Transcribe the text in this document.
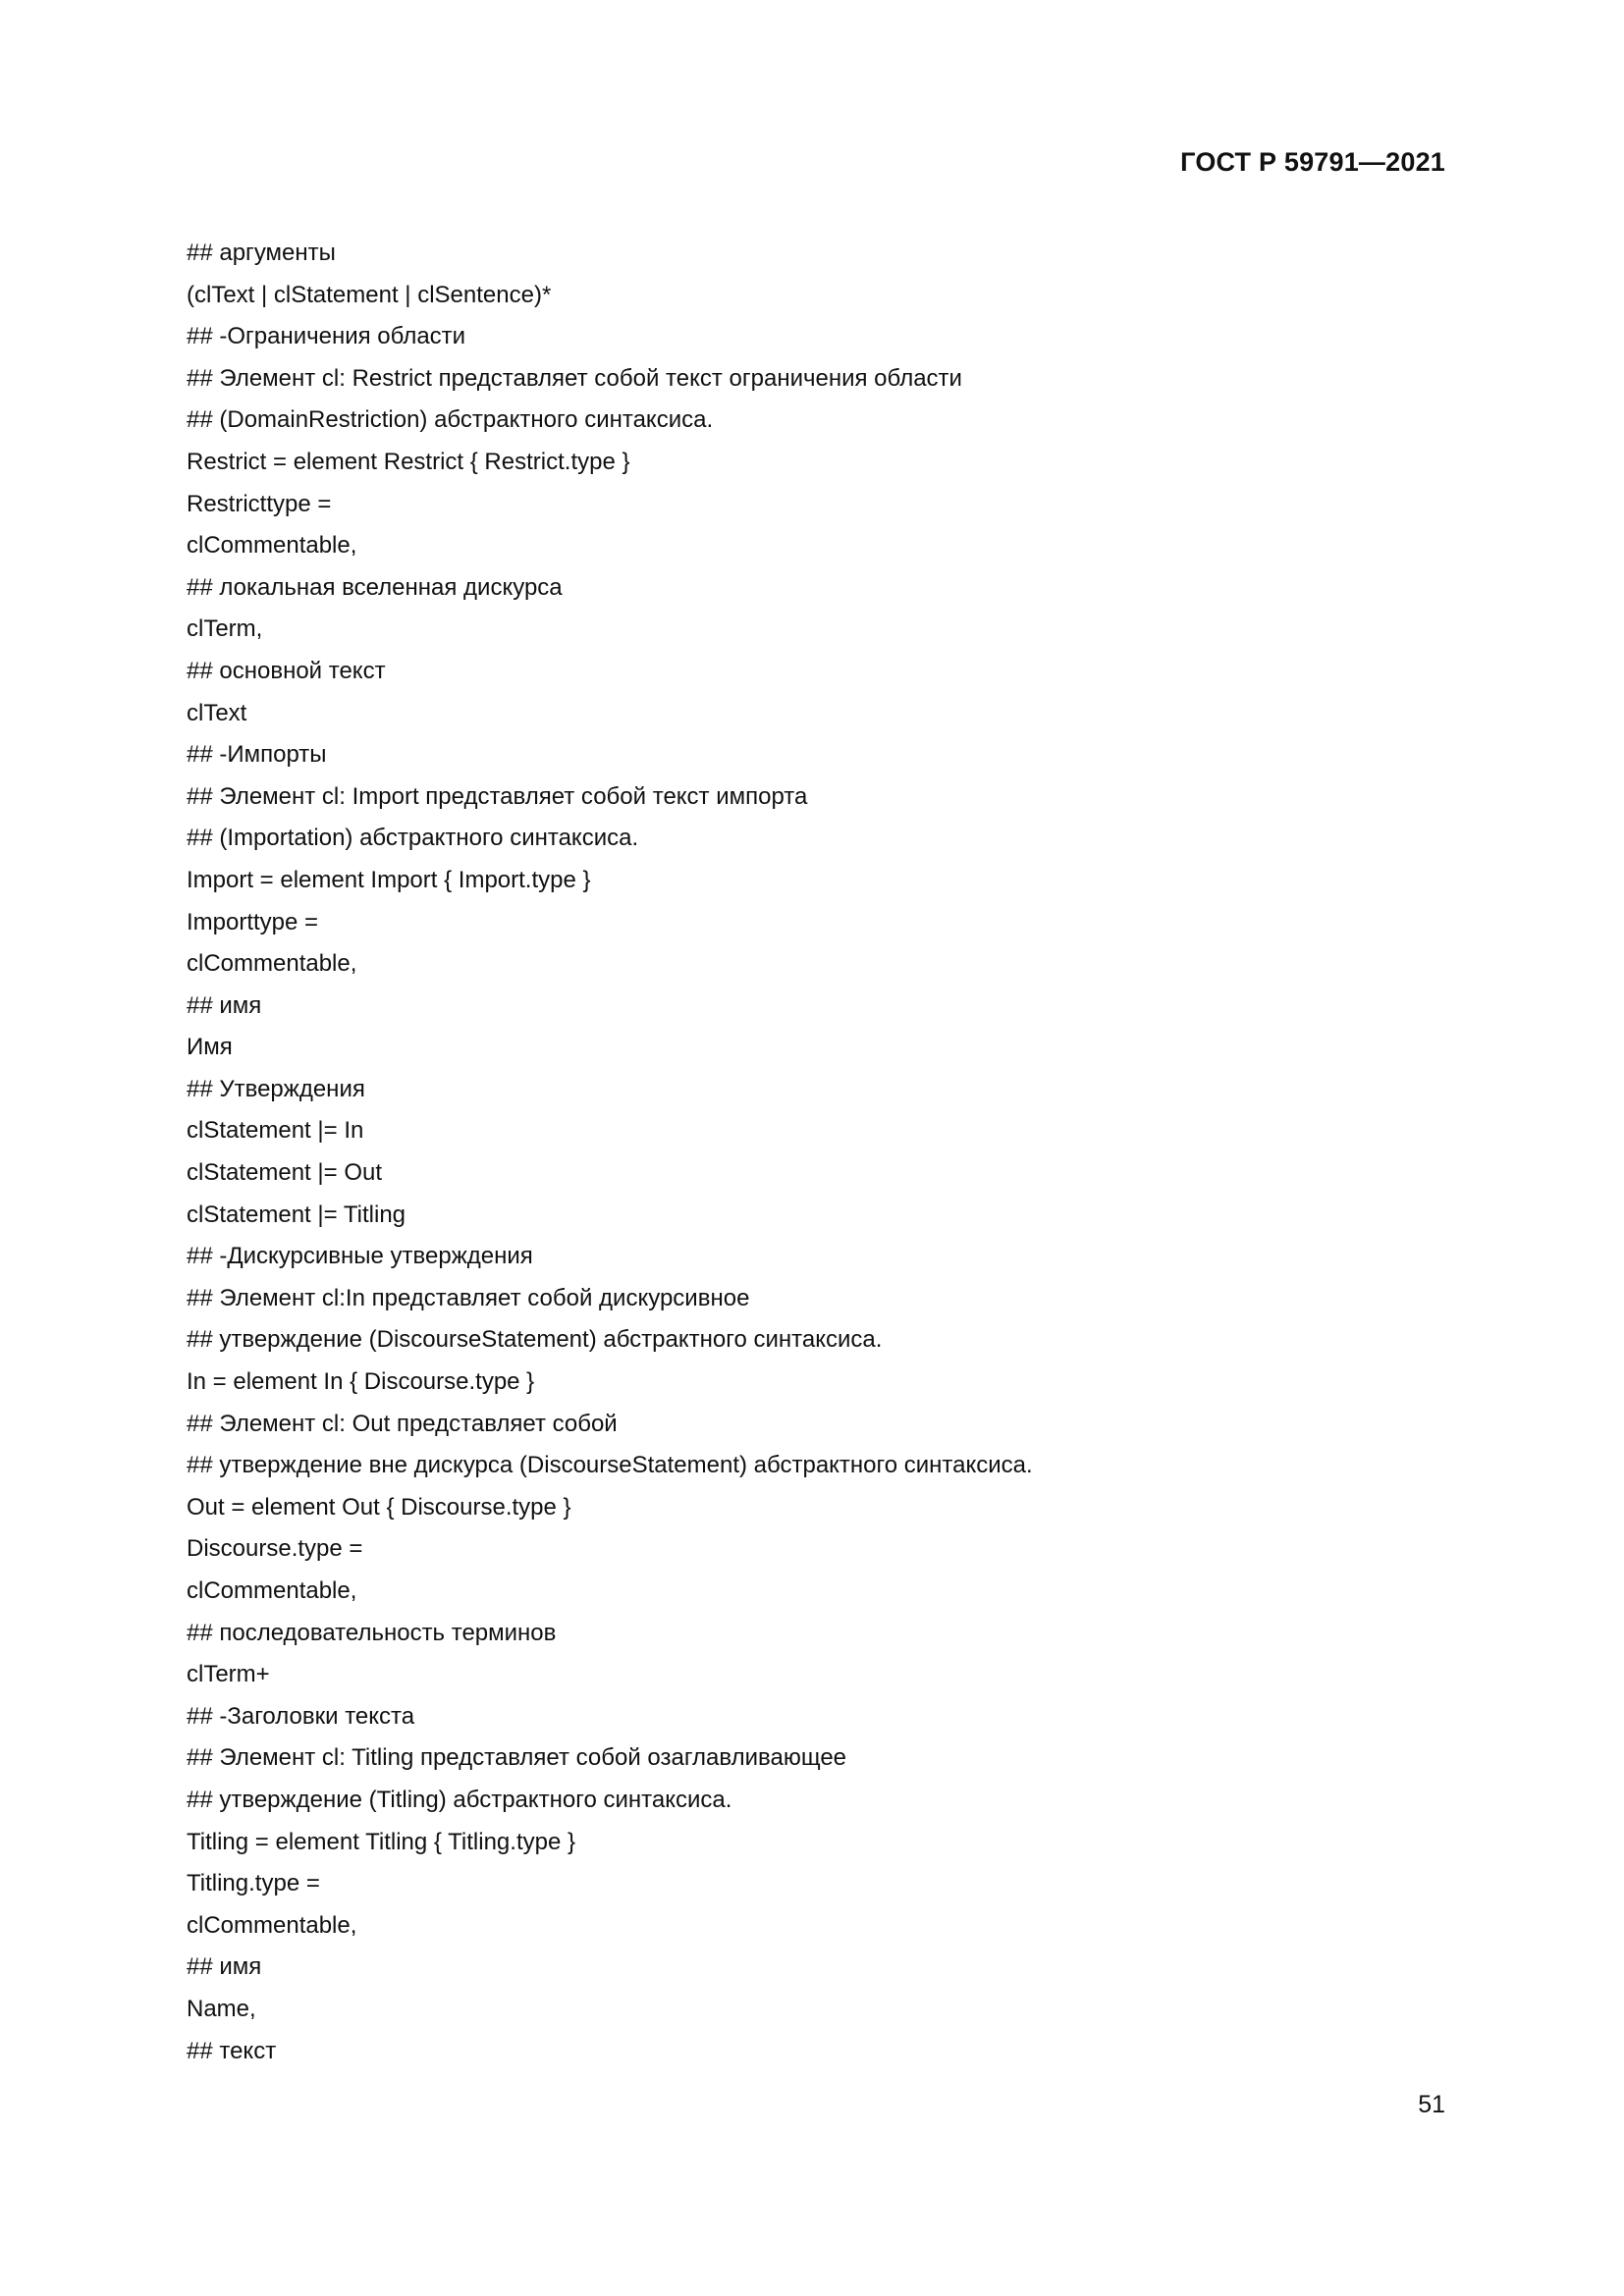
ГОСТ Р 59791—2021
## аргументы
(clText | clStatement | clSentence)*
## -Ограничения области
## Элемент cl: Restrict представляет собой текст ограничения области
## (DomainRestriction) абстрактного синтаксиса.
Restrict = element Restrict { Restrict.type }
Restricttype =
clCommentable,
## локальная вселенная дискурса
clTerm,
## основной текст
clText
## -Импорты
## Элемент cl: Import представляет собой текст импорта
## (Importation) абстрактного синтаксиса.
Import = element Import { Import.type }
Importtype =
clCommentable,
## имя
Имя
## Утверждения
clStatement |= In
clStatement |= Out
clStatement |= Titling
## -Дискурсивные утверждения
## Элемент cl:In представляет собой дискурсивное
## утверждение (DiscourseStatement) абстрактного синтаксиса.
In = element In { Discourse.type }
## Элемент cl: Out представляет собой
## утверждение вне дискурса (DiscourseStatement) абстрактного синтаксиса.
Out = element Out { Discourse.type }
Discourse.type =
clCommentable,
## последовательность терминов
clTerm+
## -Заголовки текста
## Элемент cl: Titling представляет собой озаглавливающее
## утверждение (Titling) абстрактного синтаксиса.
Titling = element Titling { Titling.type }
Titling.type =
clCommentable,
## имя
Name,
## текст
51
